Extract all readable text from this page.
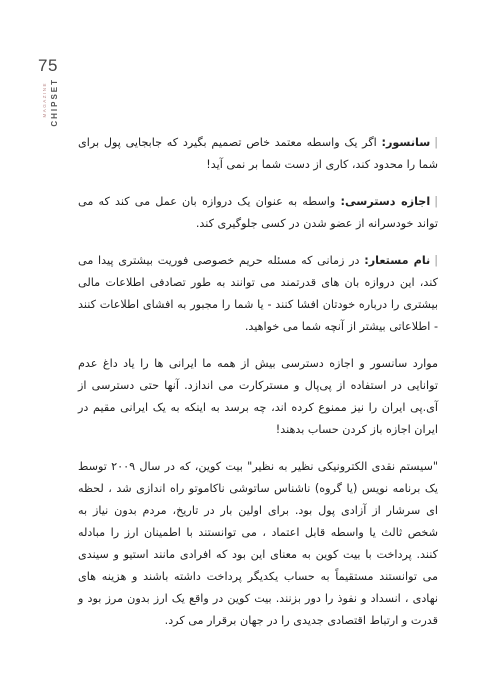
75
MAGAZINE CHIPSET

|سانسور: اگر یک واسطه معتمد خاص تصمیم بگیرد که جابجایی پول برای شما را محدود کند، کاری از دست شما بر نمی آید!

|اجازه دسترسی: واسطه به عنوان یک دروازه بان عمل می کند که می تواند خودسرانه از عضو شدن در کسی جلوگیری کند.

|نام مستعار: در زمانی که مسئله حریم خصوصی فوریت بیشتری پیدا می کند، این دروازه بان های قدرتمند می توانند به طور تصادفی اطلاعات مالی بیشتری را درباره خودتان افشا کنند - یا شما را مجبور به افشای اطلاعات کنند - اطلاعاتی بیشتر از آنچه شما می خواهید.

موارد سانسور و اجازه دسترسی بیش از همه ما ایرانی ها را یاد داغ عدم توانایی در استفاده از پی‌پال و مسترکارت می اندازد. آنها حتی دسترسی از آی.پی ایران را نیز ممنوع کرده اند، چه برسد به اینکه به یک ایرانی مقیم در ایران اجازه باز کردن حساب بدهند!

"سیستم نقدی الکترونیکی نظیر به نظیر" بیت کوین، که در سال ۲۰۰۹ توسط یک برنامه نویس (یا گروه) ناشناس ساتوشی ناکاموتو راه اندازی شد ، لحظه ای سرشار از آزادی پول بود. برای اولین بار در تاریخ، مردم بدون نیاز به شخص ثالث یا واسطه قابل اعتماد ، می توانستند با اطمینان ارز را مبادله کنند. پرداخت با بیت کوین به معنای این بود که افرادی مانند استیو و سیندی می توانستند مستقیماً به حساب یکدیگر پرداخت داشته باشند و هزینه های نهادی ، انسداد و نفوذ را دور بزنند. بیت کوین در واقع یک ارز بدون مرز بود و قدرت و ارتباط اقتصادی جدیدی را در جهان برقرار می کرد.
